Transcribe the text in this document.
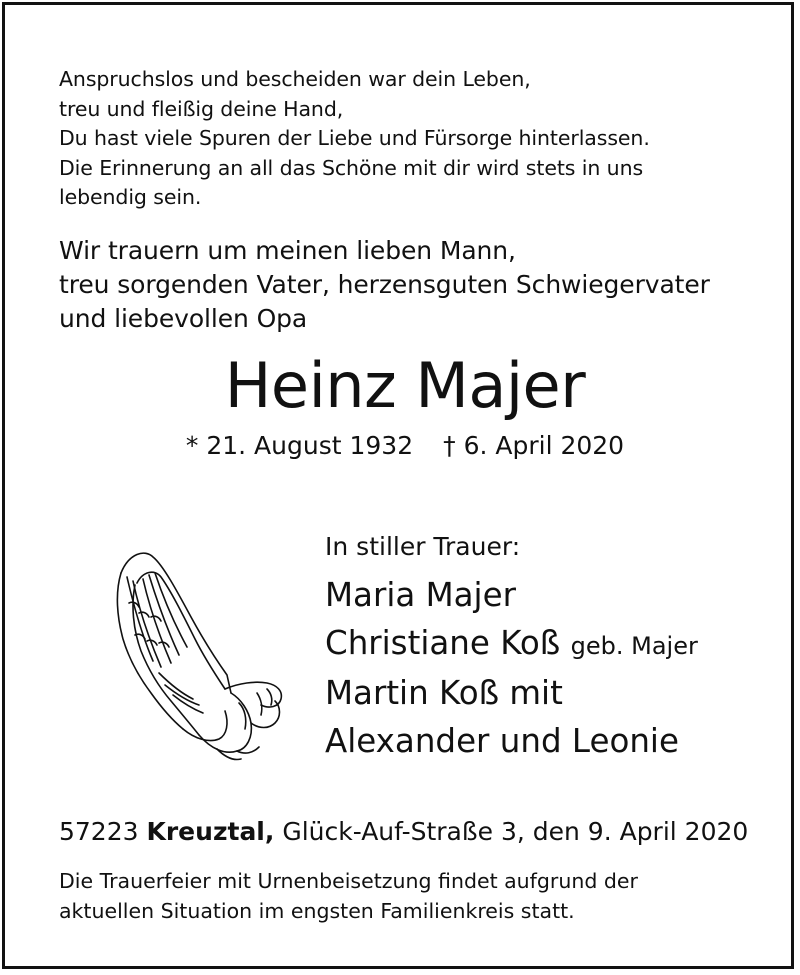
Anspruchslos und bescheiden war dein Leben,
treu und fleißig deine Hand,
Du hast viele Spuren der Liebe und Fürsorge hinterlassen.
Die Erinnerung an all das Schöne mit dir wird stets in uns
lebendig sein.
Wir trauern um meinen lieben Mann,
treu sorgenden Vater, herzensguten Schwiegervater
und liebevollen Opa
Heinz Majer
* 21. August 1932 † 6. April 2020
In stiller Trauer:
Maria Majer
Christiane Koß geb. Majer
Martin Koß mit
Alexander und Leonie
57223 Kreuztal, Glück-Auf-Straße 3, den 9. April 2020
Die Trauerfeier mit Urnenbeisetzung findet aufgrund der
aktuellen Situation im engsten Familienkreis statt.
